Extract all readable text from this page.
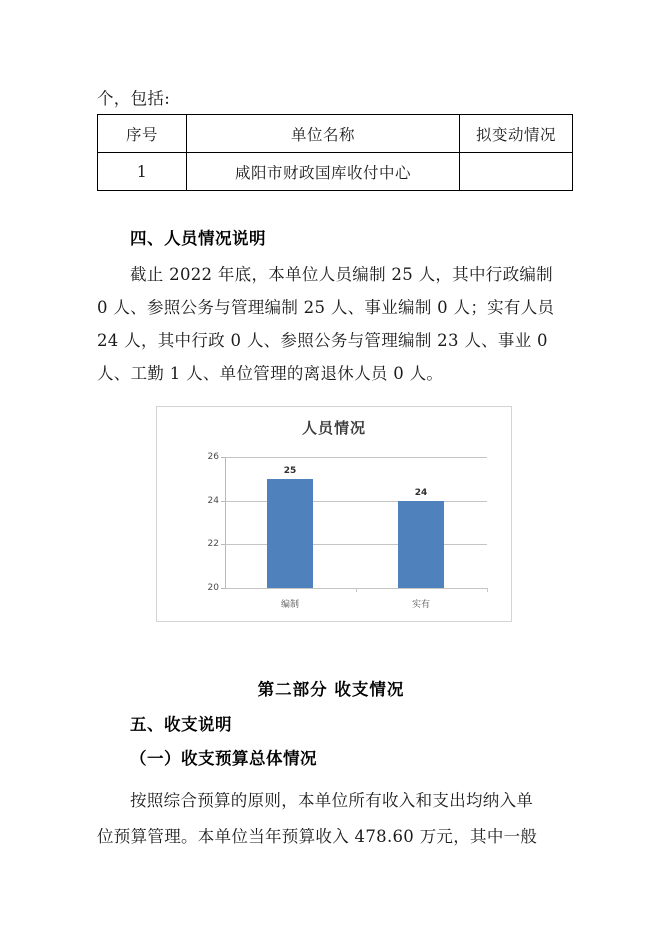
个，包括:
序号	单位名称	拟变动情况
1	咸阳市财政国库收付中心	
四、人员情况说明
截止 2022 年底，本单位人员编制 25 人，其中行政编制
0 人、参照公务与管理编制 25 人、事业编制 0 人；实有人员
24 人，其中行政 0 人、参照公务与管理编制 23 人、事业 0
人、工勤 1 人、单位管理的离退休人员 0 人。
人员情况
26
24
22
20
25
编制
24
实有
第二部分 收支情况
五、收支说明
（一）收支预算总体情况
按照综合预算的原则，本单位所有收入和支出均纳入单
位预算管理。本单位当年预算收入 478.60 万元，其中一般
